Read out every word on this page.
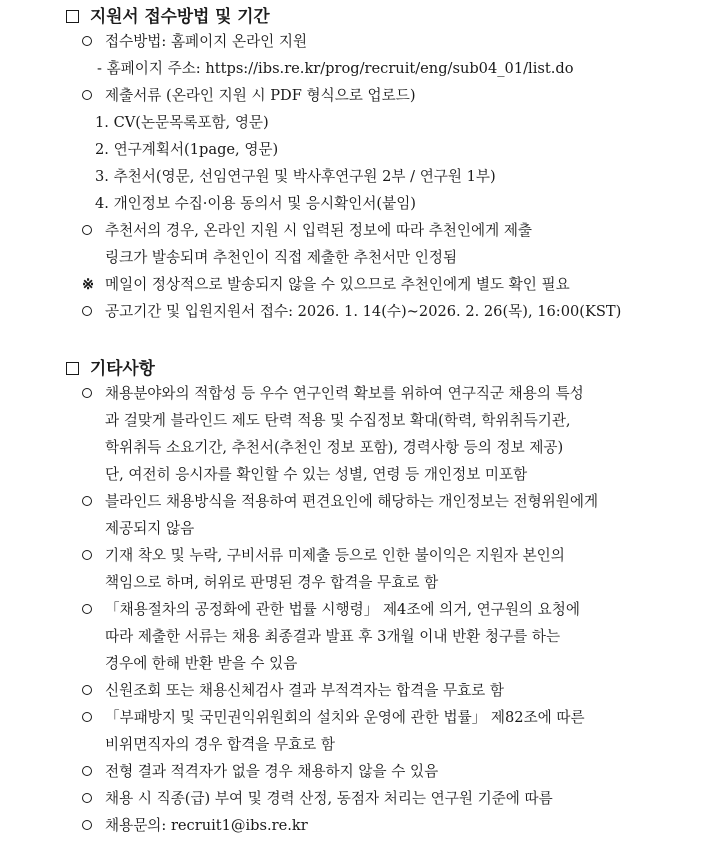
지원서 접수방법 및 기간
접수방법: 홈페이지 온라인 지원
- 홈페이지 주소: https://ibs.re.kr/prog/recruit/eng/sub04_01/list.do
제출서류 (온라인 지원 시 PDF 형식으로 업로드)
1. CV(논문목록포함, 영문)
2. 연구계획서(1page, 영문)
3. 추천서(영문, 선임연구원 및 박사후연구원 2부 / 연구원 1부)
4. 개인정보 수집·이용 동의서 및 응시확인서(붙임)
추천서의 경우, 온라인 지원 시 입력된 정보에 따라 추천인에게 제출
링크가 발송되며 추천인이 직접 제출한 추천서만 인정됨
※ 메일이 정상적으로 발송되지 않을 수 있으므로 추천인에게 별도 확인 필요
공고기간 및 입원지원서 접수: 2026. 1. 14(수)~2026. 2. 26(목), 16:00(KST)
기타사항
채용분야와의 적합성 등 우수 연구인력 확보를 위하여 연구직군 채용의 특성
과 걸맞게 블라인드 제도 탄력 적용 및 수집정보 확대(학력, 학위취득기관,
학위취득 소요기간, 추천서(추천인 정보 포함), 경력사항 등의 정보 제공)
단, 여전히 응시자를 확인할 수 있는 성별, 연령 등 개인정보 미포함
블라인드 채용방식을 적용하여 편견요인에 해당하는 개인정보는 전형위원에게
제공되지 않음
기재 착오 및 누락, 구비서류 미제출 등으로 인한 불이익은 지원자 본인의
책임으로 하며, 허위로 판명된 경우 합격을 무효로 함
「채용절차의 공정화에 관한 법률 시행령」 제4조에 의거, 연구원의 요청에
따라 제출한 서류는 채용 최종결과 발표 후 3개월 이내 반환 청구를 하는
경우에 한해 반환 받을 수 있음
신원조회 또는 채용신체검사 결과 부적격자는 합격을 무효로 함
「부패방지 및 국민권익위원회의 설치와 운영에 관한 법률」 제82조에 따른
비위면직자의 경우 합격을 무효로 함
전형 결과 적격자가 없을 경우 채용하지 않을 수 있음
채용 시 직종(급) 부여 및 경력 산정, 동점자 처리는 연구원 기준에 따름
채용문의: recruit1@ibs.re.kr
